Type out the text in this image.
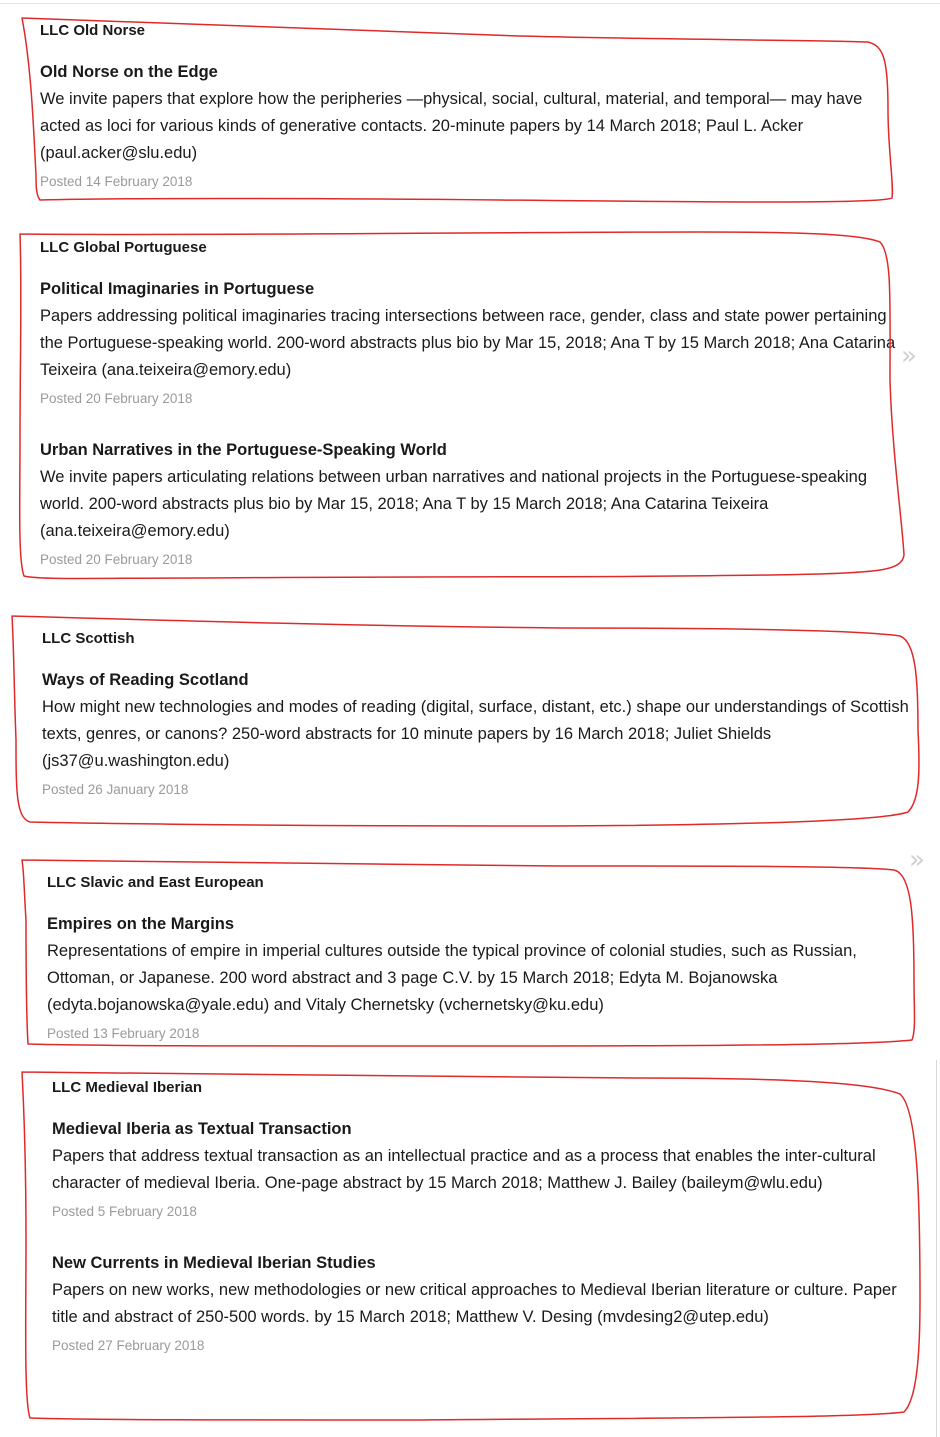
LLC Old Norse
Old Norse on the Edge

We invite papers that explore how the peripheries —physical, social, cultural, material, and temporal— may have acted as loci for various kinds of generative contacts. 20-minute papers by 14 March 2018; Paul L. Acker (paul.acker@slu.edu)

Posted 14 February 2018
LLC Global Portuguese
Political Imaginaries in Portuguese

Papers addressing political imaginaries tracing intersections between race, gender, class and state power pertaining the Portuguese-speaking world. 200-word abstracts plus bio by Mar 15, 2018; Ana T by 15 March 2018; Ana Catarina Teixeira (ana.teixeira@emory.edu)

Posted 20 February 2018
Urban Narratives in the Portuguese-Speaking World

We invite papers articulating relations between urban narratives and national projects in the Portuguese-speaking world. 200-word abstracts plus bio by Mar 15, 2018; Ana T by 15 March 2018; Ana Catarina Teixeira (ana.teixeira@emory.edu)

Posted 20 February 2018
LLC Scottish
Ways of Reading Scotland

How might new technologies and modes of reading (digital, surface, distant, etc.) shape our understandings of Scottish texts, genres, or canons? 250-word abstracts for 10 minute papers by 16 March 2018; Juliet Shields (js37@u.washington.edu)

Posted 26 January 2018
LLC Slavic and East European
Empires on the Margins

Representations of empire in imperial cultures outside the typical province of colonial studies, such as Russian, Ottoman, or Japanese. 200 word abstract and 3 page C.V. by 15 March 2018; Edyta M. Bojanowska (edyta.bojanowska@yale.edu) and Vitaly Chernetsky (vchernetsky@ku.edu)

Posted 13 February 2018
LLC Medieval Iberian
Medieval Iberia as Textual Transaction

Papers that address textual transaction as an intellectual practice and as a process that enables the inter-cultural character of medieval Iberia. One-page abstract by 15 March 2018; Matthew J. Bailey (baileym@wlu.edu)

Posted 5 February 2018
New Currents in Medieval Iberian Studies

Papers on new works, new methodologies or new critical approaches to Medieval Iberian literature or culture. Paper title and abstract of 250-500 words. by 15 March 2018; Matthew V. Desing (mvdesing2@utep.edu)

Posted 27 February 2018
»
»
